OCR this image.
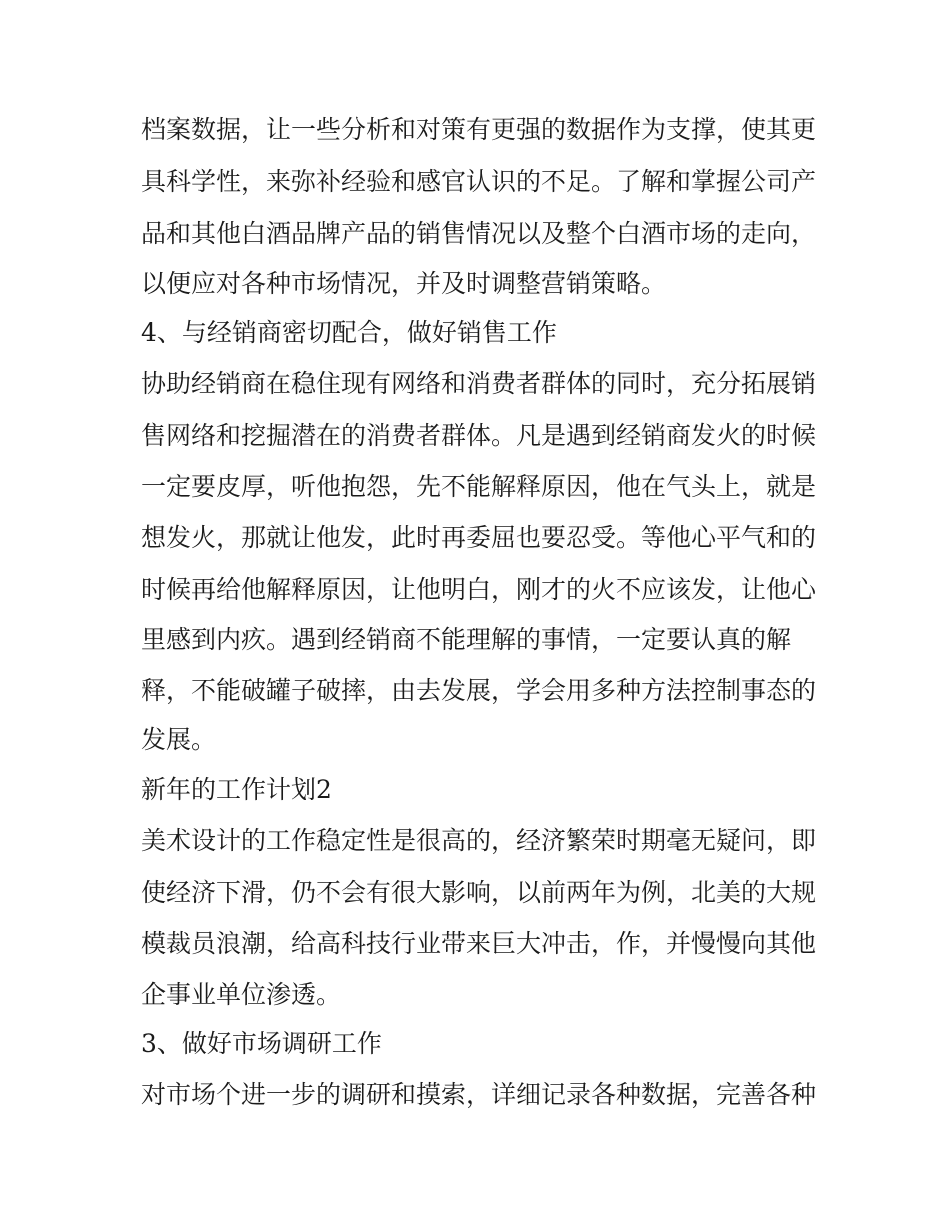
档案数据，让一些分析和对策有更强的数据作为支撑，使其更

具科学性，来弥补经验和感官认识的不足。了解和掌握公司产

品和其他白酒品牌产品的销售情况以及整个白酒市场的走向，

以便应对各种市场情况，并及时调整营销策略。

4、与经销商密切配合，做好销售工作

协助经销商在稳住现有网络和消费者群体的同时，充分拓展销

售网络和挖掘潜在的消费者群体。凡是遇到经销商发火的时候

一定要皮厚，听他抱怨，先不能解释原因，他在气头上，就是

想发火，那就让他发，此时再委屈也要忍受。等他心平气和的

时候再给他解释原因，让他明白，刚才的火不应该发，让他心

里感到内疚。遇到经销商不能理解的事情，一定要认真的解

释，不能破罐子破摔，由去发展，学会用多种方法控制事态的

发展。

新年的工作计划2

美术设计的工作稳定性是很高的，经济繁荣时期毫无疑问，即

使经济下滑，仍不会有很大影响，以前两年为例，北美的大规

模裁员浪潮，给高科技行业带来巨大冲击，作，并慢慢向其他

企事业单位渗透。

3、做好市场调研工作

对市场个进一步的调研和摸索，详细记录各种数据，完善各种
